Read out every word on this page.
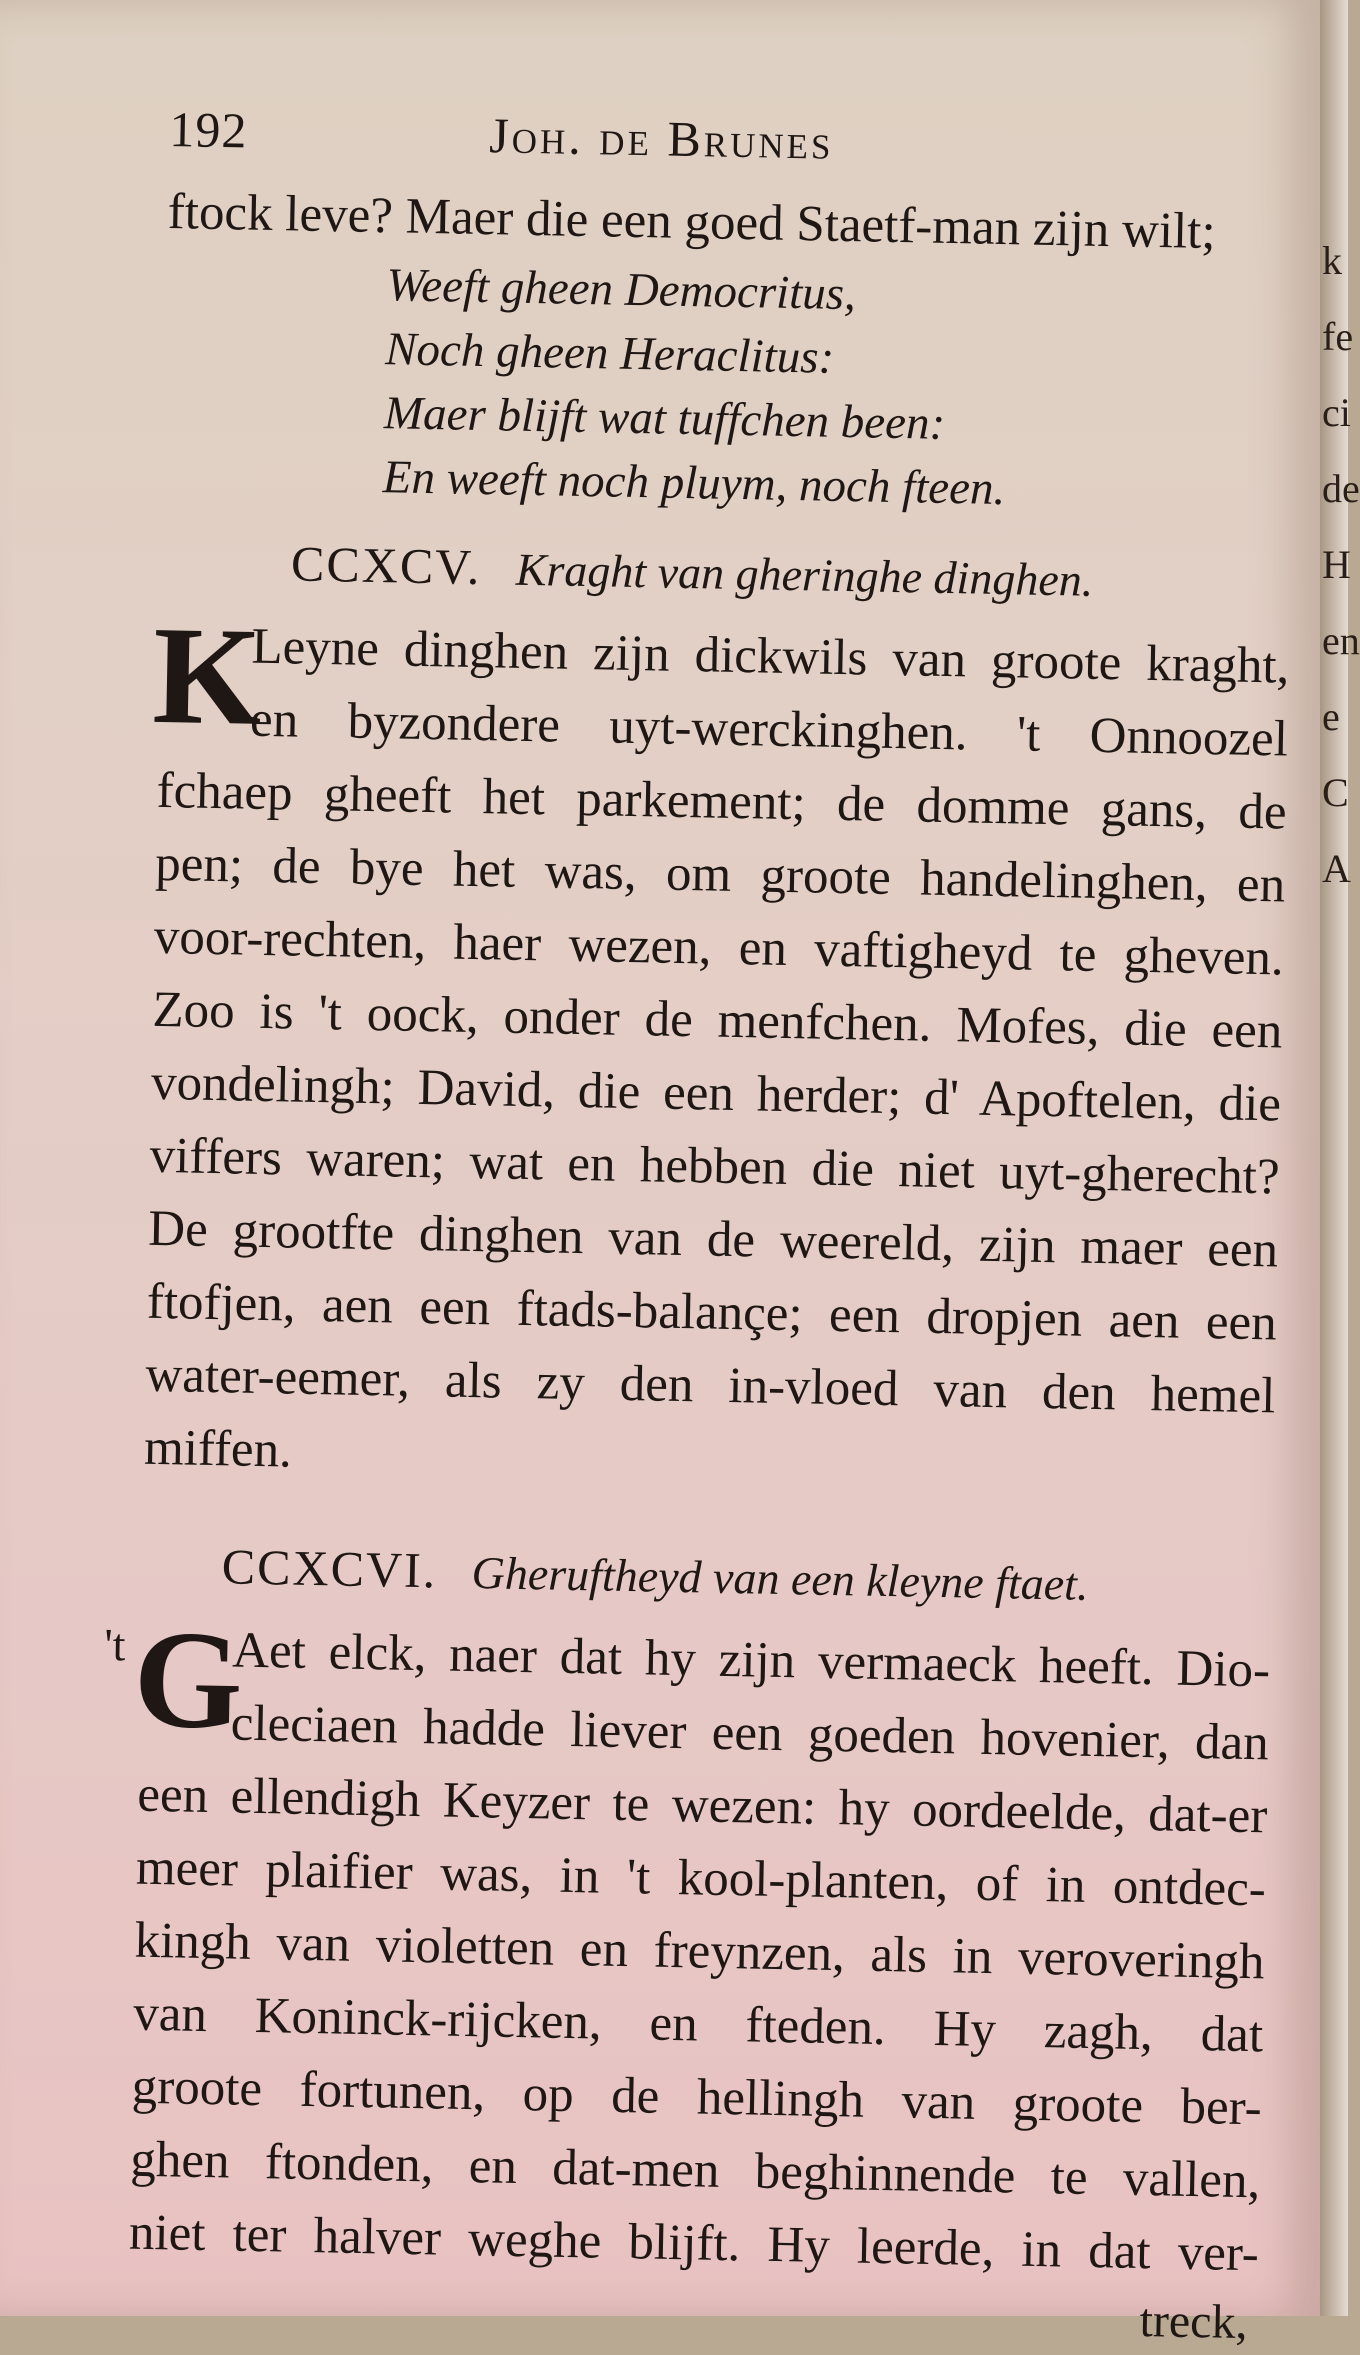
192	Joh. de Brunes
ftock leve? Maer die een goed Staetf-man zijn wilt;
Weeft gheen Democritus,
Noch gheen Heraclitus:
Maer blijft wat tuffchen been:
En weeft noch pluym, noch fteen.
CCXCV. Kraght van gheringhe dinghen.
K
Leyne dinghen zijn dickwils van groote kraght,
en byzondere uyt-werckinghen. 't Onnoozel
fchaep gheeft het parkement; de domme gans, de
pen; de bye het was, om groote handelinghen, en
voor-rechten, haer wezen, en vaftigheyd te gheven.
Zoo is 't oock, onder de menfchen. Mofes, die een
vondelingh; David, die een herder; d' Apoftelen, die
viffers waren; wat en hebben die niet uyt-gherecht?
De grootfte dinghen van de weereld, zijn maer een
ftofjen, aen een ftads-balançe; een dropjen aen een
water-eemer, als zy den in-vloed van den hemel
miffen.
CCXCVI. Gheruftheyd van een kleyne ftaet.
't G
Aet elck, naer dat hy zijn vermaeck heeft. Dio-
cleciaen hadde liever een goeden hovenier, dan
een ellendigh Keyzer te wezen: hy oordeelde, dat-er
meer plaifier was, in 't kool-planten, of in ontdec-
kingh van violetten en freynzen, als in veroveringh
van Koninck-rijcken, en fteden. Hy zagh, dat
groote fortunen, op de hellingh van groote ber-
ghen ftonden, en dat-men beghinnende te vallen,
niet ter halver weghe blijft. Hy leerde, in dat ver-
treck,
k
fe
ci
de
H
en
e
C
A
